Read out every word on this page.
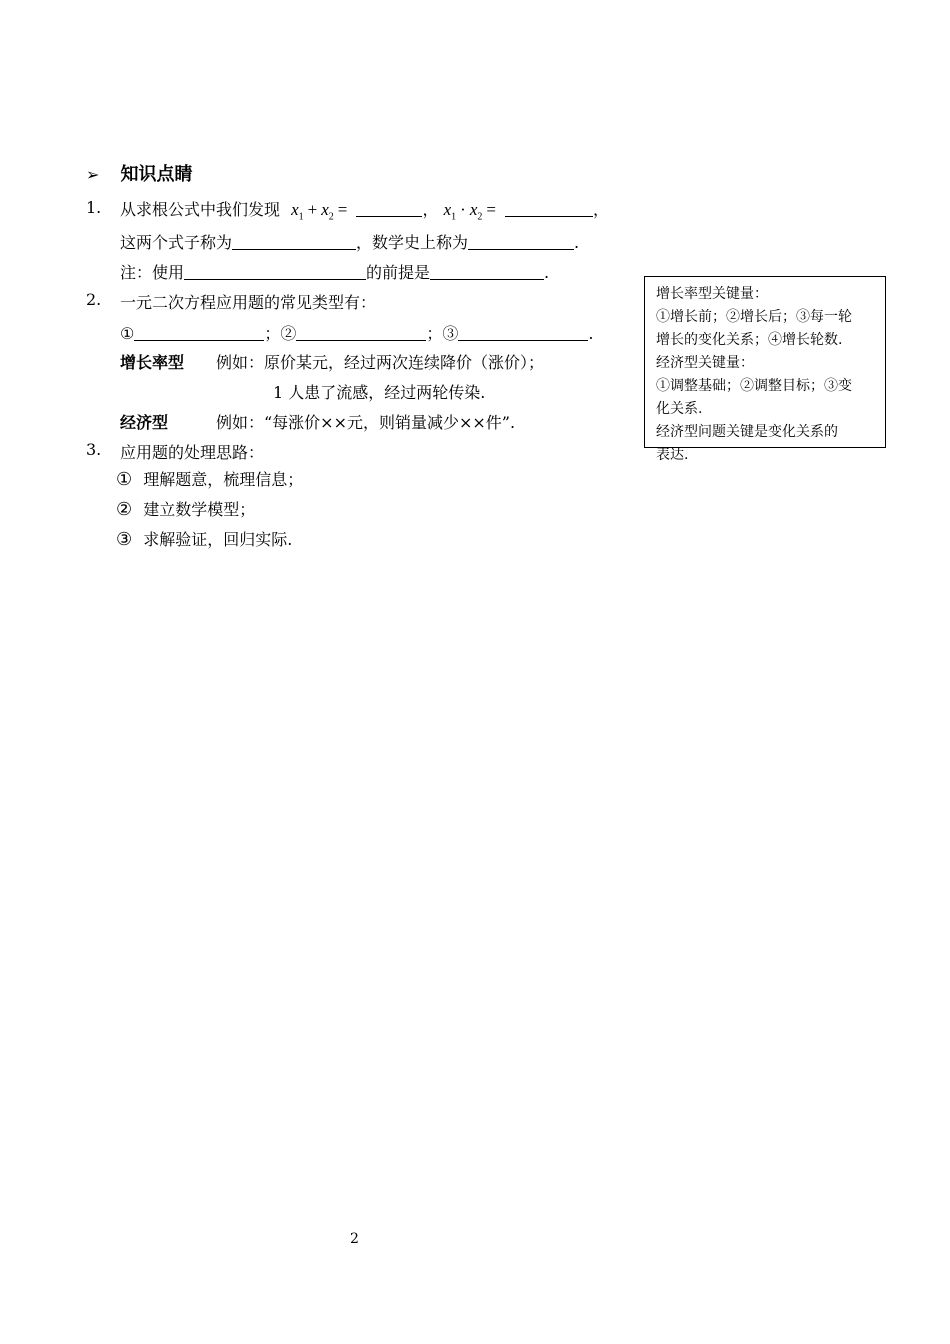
➢ 知识点睛
1. 从求根公式中我们发现 $x_1 + x_2$ =	， $x_1 \cdot x_2$ =	，
这两个式子称为	，数学史上称为	.
注：使用	的前提是	.
2. 一元二次方程应用题的常见类型有：
①	；②	；③	.
增长率型 例如：原价某元，经过两次连续降价（涨价）；
1 人患了流感，经过两轮传染.
经济型	例如：“每涨价××元，则销量减少××件”.
3. 应用题的处理思路：
① 理解题意，梳理信息；
② 建立数学模型；
③ 求解验证，回归实际.
增长率型关键量：
①增长前；②增长后；③每一轮
增长的变化关系；④增长轮数.
经济型关键量：
①调整基础；②调整目标；③变
化关系.
经济型问题关键是变化关系的
表达.
2
